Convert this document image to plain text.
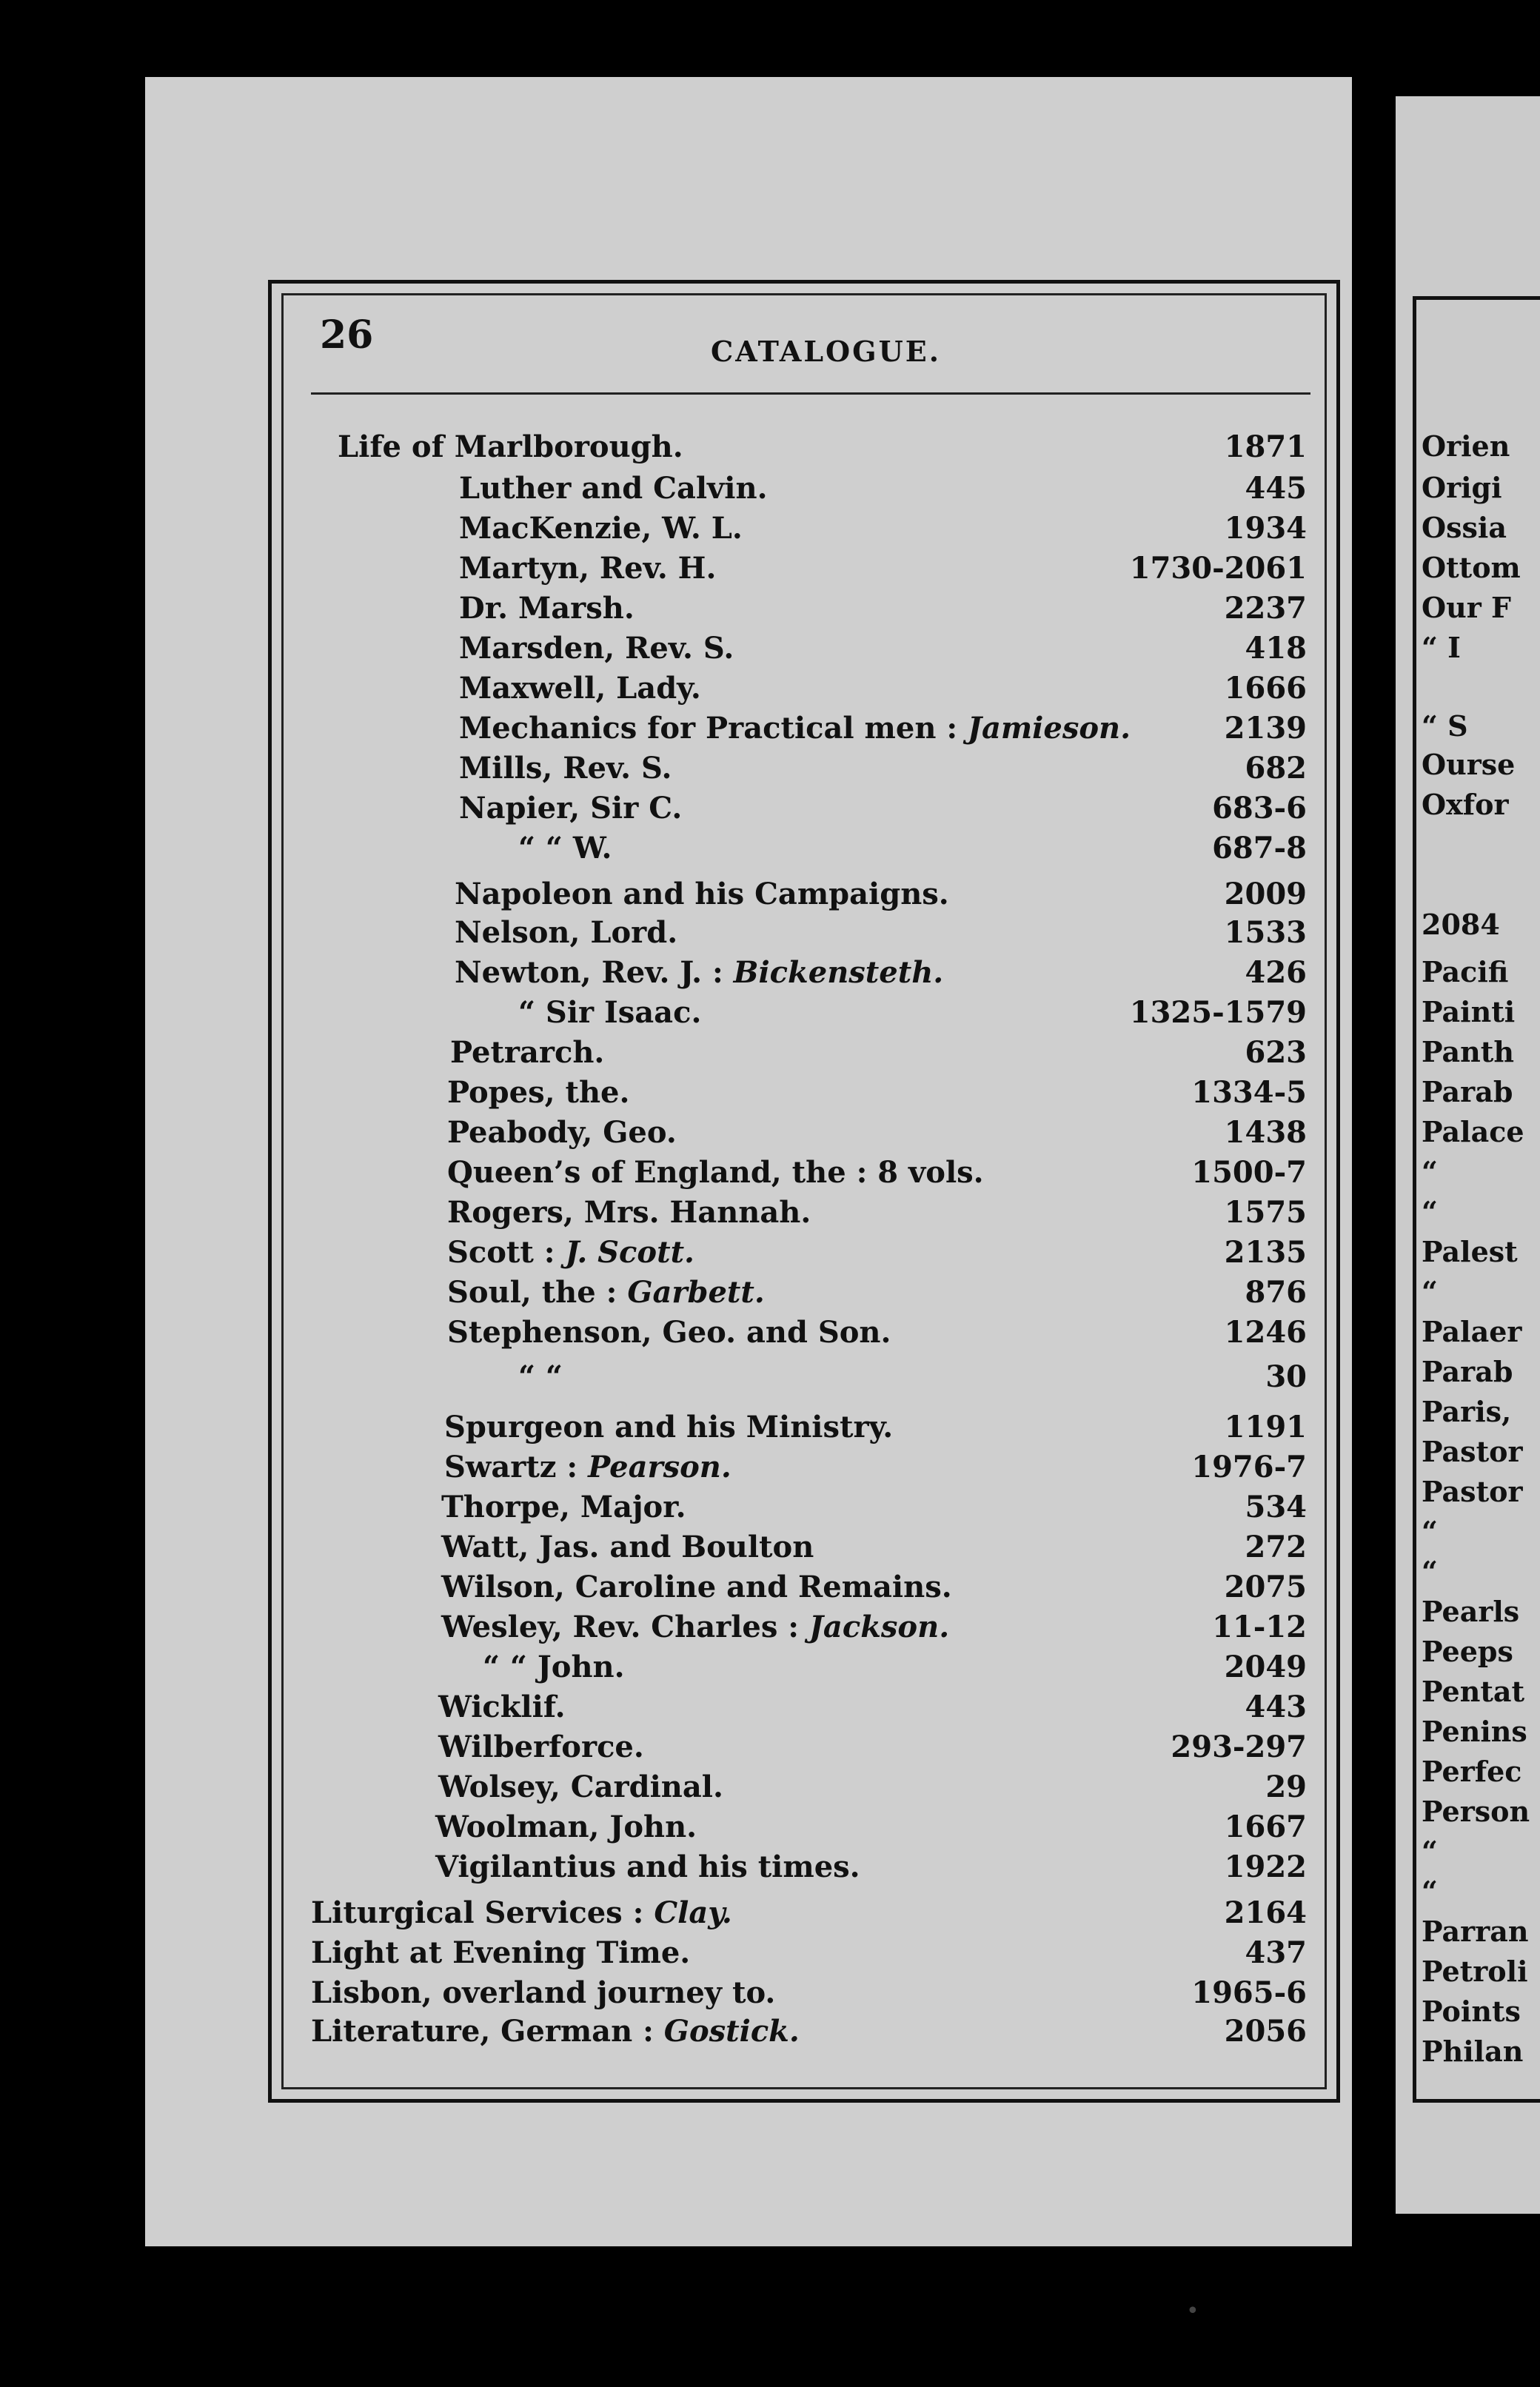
26	CATALOGUE.
Life of Marlborough.	1871
Luther and Calvin.	445
MacKenzie, W. L.	1934
Martyn, Rev. H.	1730-2061
Dr. Marsh.	2237
Marsden, Rev. S.	418
Maxwell, Lady.	1666
Mechanics for Practical men : Jamieson.	2139
Mills, Rev. S.	682
Napier, Sir C.	683-6
“ “ W.	687-8
Napoleon and his Campaigns.	2009
Nelson, Lord.	1533
Newton, Rev. J. : Bickensteth.	426
“ Sir Isaac.	1325-1579
Petrarch.	623
Popes, the.	1334-5
Peabody, Geo.	1438
Queen’s of England, the : 8 vols.	1500-7
Rogers, Mrs. Hannah.	1575
Scott : J. Scott.	2135
Soul, the : Garbett.	876
Stephenson, Geo. and Son.	1246
“ “	30
Spurgeon and his Ministry.	1191
Swartz : Pearson.	1976-7
Thorpe, Major.	534
Watt, Jas. and Boulton	272
Wilson, Caroline and Remains.	2075
Wesley, Rev. Charles : Jackson.	11-12
“ “ John.	2049
Wicklif.	443
Wilberforce.	293-297
Wolsey, Cardinal.	29
Woolman, John.	1667
Vigilantius and his times.	1922
Liturgical Services : Clay.	2164
Light at Evening Time.	437
Lisbon, overland journey to.	1965-6
Literature, German : Gostick.	2056
Orien
Origi
Ossia
Ottom
Our F
“ I
“ S
Ourse
Oxfor
2084
Pacifi
Painti
Panth
Parab
Palace
“
“
Palest
“
Palaer
Parab
Paris,
Pastor
Pastor
“
“
Pearls
Peeps
Pentat
Penins
Perfec
Person
“
“
Parran
Petroli
Points
Philan
•
